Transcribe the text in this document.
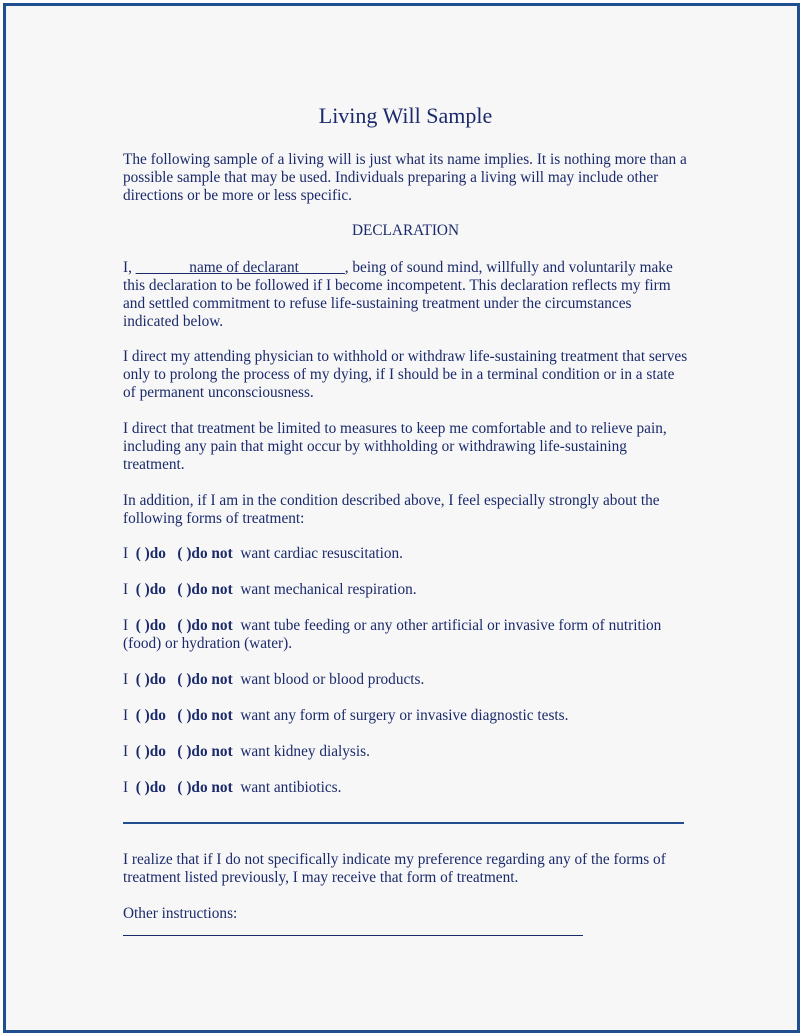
Living Will Sample

The following sample of a living will is just what its name implies. It is nothing more than a possible sample that may be used. Individuals preparing a living will may include other directions or be more or less specific.

DECLARATION

I, _______name of declarant______, being of sound mind, willfully and voluntarily make this declaration to be followed if I become incompetent. This declaration reflects my firm and settled commitment to refuse life-sustaining treatment under the circumstances indicated below.

I direct my attending physician to withhold or withdraw life-sustaining treatment that serves only to prolong the process of my dying, if I should be in a terminal condition or in a state of permanent unconsciousness.

I direct that treatment be limited to measures to keep me comfortable and to relieve pain, including any pain that might occur by withholding or withdrawing life-sustaining treatment.

In addition, if I am in the condition described above, I feel especially strongly about the following forms of treatment:

I ( )do ( )do not want cardiac resuscitation.
I ( )do ( )do not want mechanical respiration.
I ( )do ( )do not want tube feeding or any other artificial or invasive form of nutrition (food) or hydration (water).
I ( )do ( )do not want blood or blood products.
I ( )do ( )do not want any form of surgery or invasive diagnostic tests.
I ( )do ( )do not want kidney dialysis.
I ( )do ( )do not want antibiotics.

I realize that if I do not specifically indicate my preference regarding any of the forms of treatment listed previously, I may receive that form of treatment.

Other instructions:
